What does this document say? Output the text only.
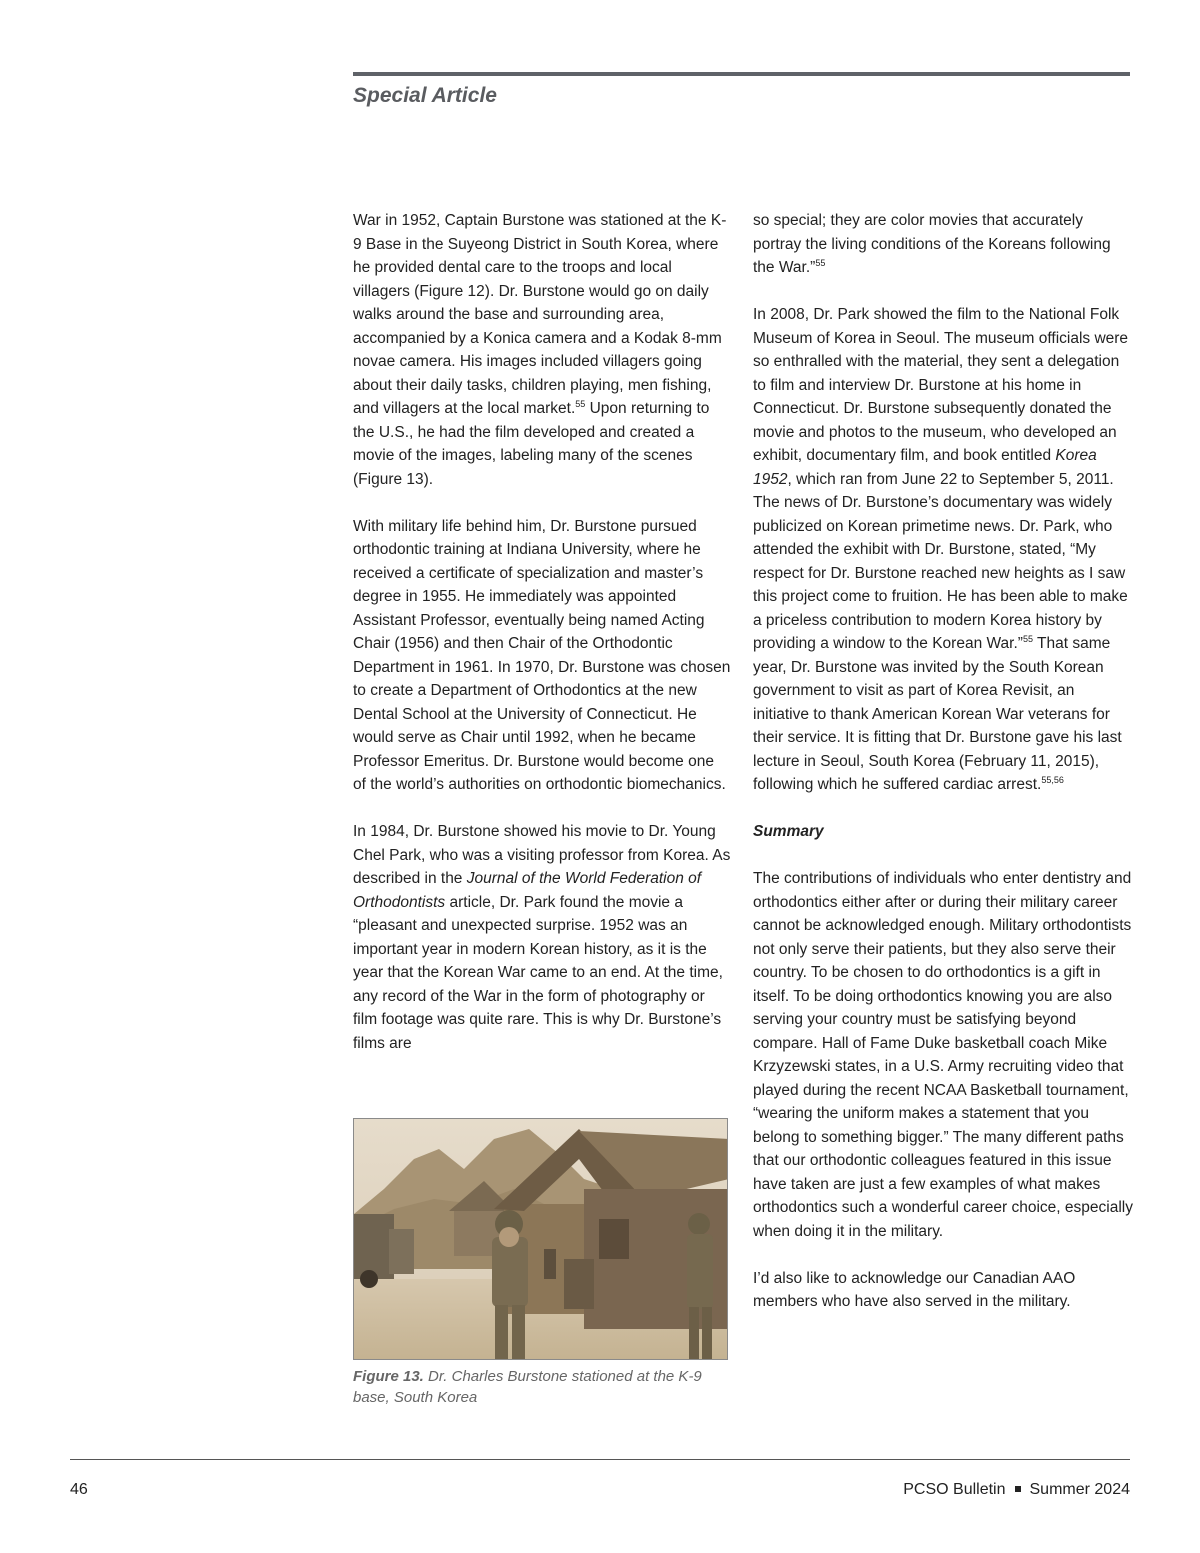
Special Article

War in 1952, Captain Burstone was stationed at the K-9 Base in the Suyeong District in South Korea, where he provided dental care to the troops and local villagers (Figure 12). Dr. Burstone would go on daily walks around the base and surrounding area, accompanied by a Konica camera and a Kodak 8-mm novae camera. His images included villagers going about their daily tasks, children playing, men fishing, and villagers at the local market.$^{55}$ Upon returning to the U.S., he had the film developed and created a movie of the images, labeling many of the scenes (Figure 13).

With military life behind him, Dr. Burstone pursued orthodontic training at Indiana University, where he received a certificate of specialization and master’s degree in 1955. He immediately was appointed Assistant Professor, eventually being named Acting Chair (1956) and then Chair of the Orthodontic Department in 1961. In 1970, Dr. Burstone was chosen to create a Department of Orthodontics at the new Dental School at the University of Connecticut. He would serve as Chair until 1992, when he became Professor Emeritus. Dr. Burstone would become one of the world’s authorities on orthodontic biomechanics.

In 1984, Dr. Burstone showed his movie to Dr. Young Chel Park, who was a visiting professor from Korea. As described in the Journal of the World Federation of Orthodontists article, Dr. Park found the movie a “pleasant and unexpected surprise. 1952 was an important year in modern Korean history, as it is the year that the Korean War came to an end. At the time, any record of the War in the form of photography or film footage was quite rare. This is why Dr. Burstone’s films are

Figure 13. Dr. Charles Burstone stationed at the K-9 base, South Korea

so special; they are color movies that accurately portray the living conditions of the Koreans following the War.”$^{55}$

In 2008, Dr. Park showed the film to the National Folk Museum of Korea in Seoul. The museum officials were so enthralled with the material, they sent a delegation to film and interview Dr. Burstone at his home in Connecticut. Dr. Burstone subsequently donated the movie and photos to the museum, who developed an exhibit, documentary film, and book entitled Korea 1952, which ran from June 22 to September 5, 2011. The news of Dr. Burstone’s documentary was widely publicized on Korean primetime news. Dr. Park, who attended the exhibit with Dr. Burstone, stated, “My respect for Dr. Burstone reached new heights as I saw this project come to fruition. He has been able to make a priceless contribution to modern Korea history by providing a window to the Korean War.”$^{55}$ That same year, Dr. Burstone was invited by the South Korean government to visit as part of Korea Revisit, an initiative to thank American Korean War veterans for their service. It is fitting that Dr. Burstone gave his last lecture in Seoul, South Korea (February 11, 2015), following which he suffered cardiac arrest.$^{55,56}$

Summary

The contributions of individuals who enter dentistry and orthodontics either after or during their military career cannot be acknowledged enough. Military orthodontists not only serve their patients, but they also serve their country. To be chosen to do orthodontics is a gift in itself. To be doing orthodontics knowing you are also serving your country must be satisfying beyond compare. Hall of Fame Duke basketball coach Mike Krzyzewski states, in a U.S. Army recruiting video that played during the recent NCAA Basketball tournament, “wearing the uniform makes a statement that you belong to something bigger.” The many different paths that our orthodontic colleagues featured in this issue have taken are just a few examples of what makes orthodontics such a wonderful career choice, especially when doing it in the military.

I’d also like to acknowledge our Canadian AAO members who have also served in the military.

46	PCSO Bulletin Summer 2024
